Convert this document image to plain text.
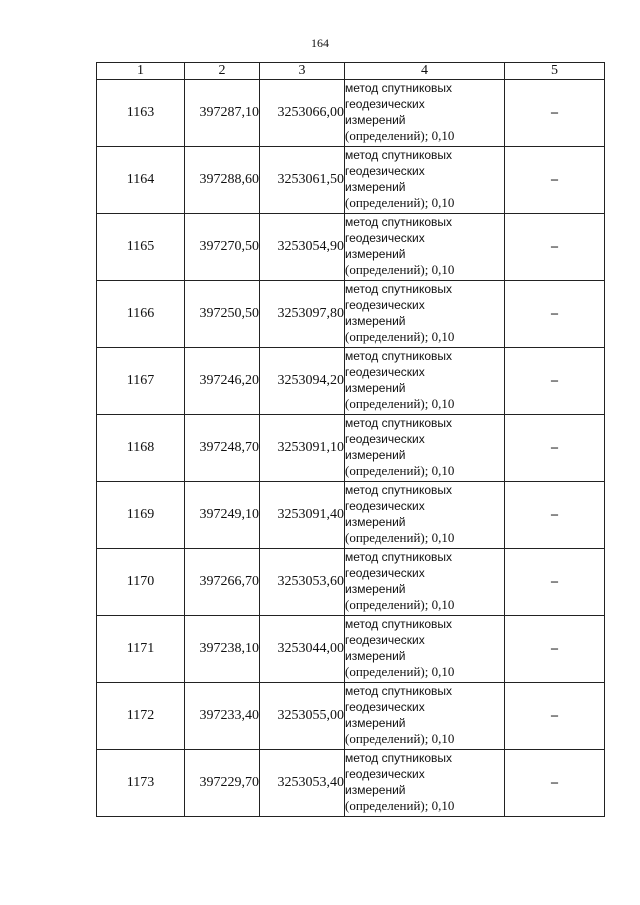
164
1	2	3	4	5
1163	397287,10	3253066,00	метод спутниковых
геодезических
измерений
(определений); 0,10	–
1164	397288,60	3253061,50	метод спутниковых
геодезических
измерений
(определений); 0,10	–
1165	397270,50	3253054,90	метод спутниковых
геодезических
измерений
(определений); 0,10	–
1166	397250,50	3253097,80	метод спутниковых
геодезических
измерений
(определений); 0,10	–
1167	397246,20	3253094,20	метод спутниковых
геодезических
измерений
(определений); 0,10	–
1168	397248,70	3253091,10	метод спутниковых
геодезических
измерений
(определений); 0,10	–
1169	397249,10	3253091,40	метод спутниковых
геодезических
измерений
(определений); 0,10	–
1170	397266,70	3253053,60	метод спутниковых
геодезических
измерений
(определений); 0,10	–
1171	397238,10	3253044,00	метод спутниковых
геодезических
измерений
(определений); 0,10	–
1172	397233,40	3253055,00	метод спутниковых
геодезических
измерений
(определений); 0,10	–
1173	397229,70	3253053,40	метод спутниковых
геодезических
измерений
(определений); 0,10	–
